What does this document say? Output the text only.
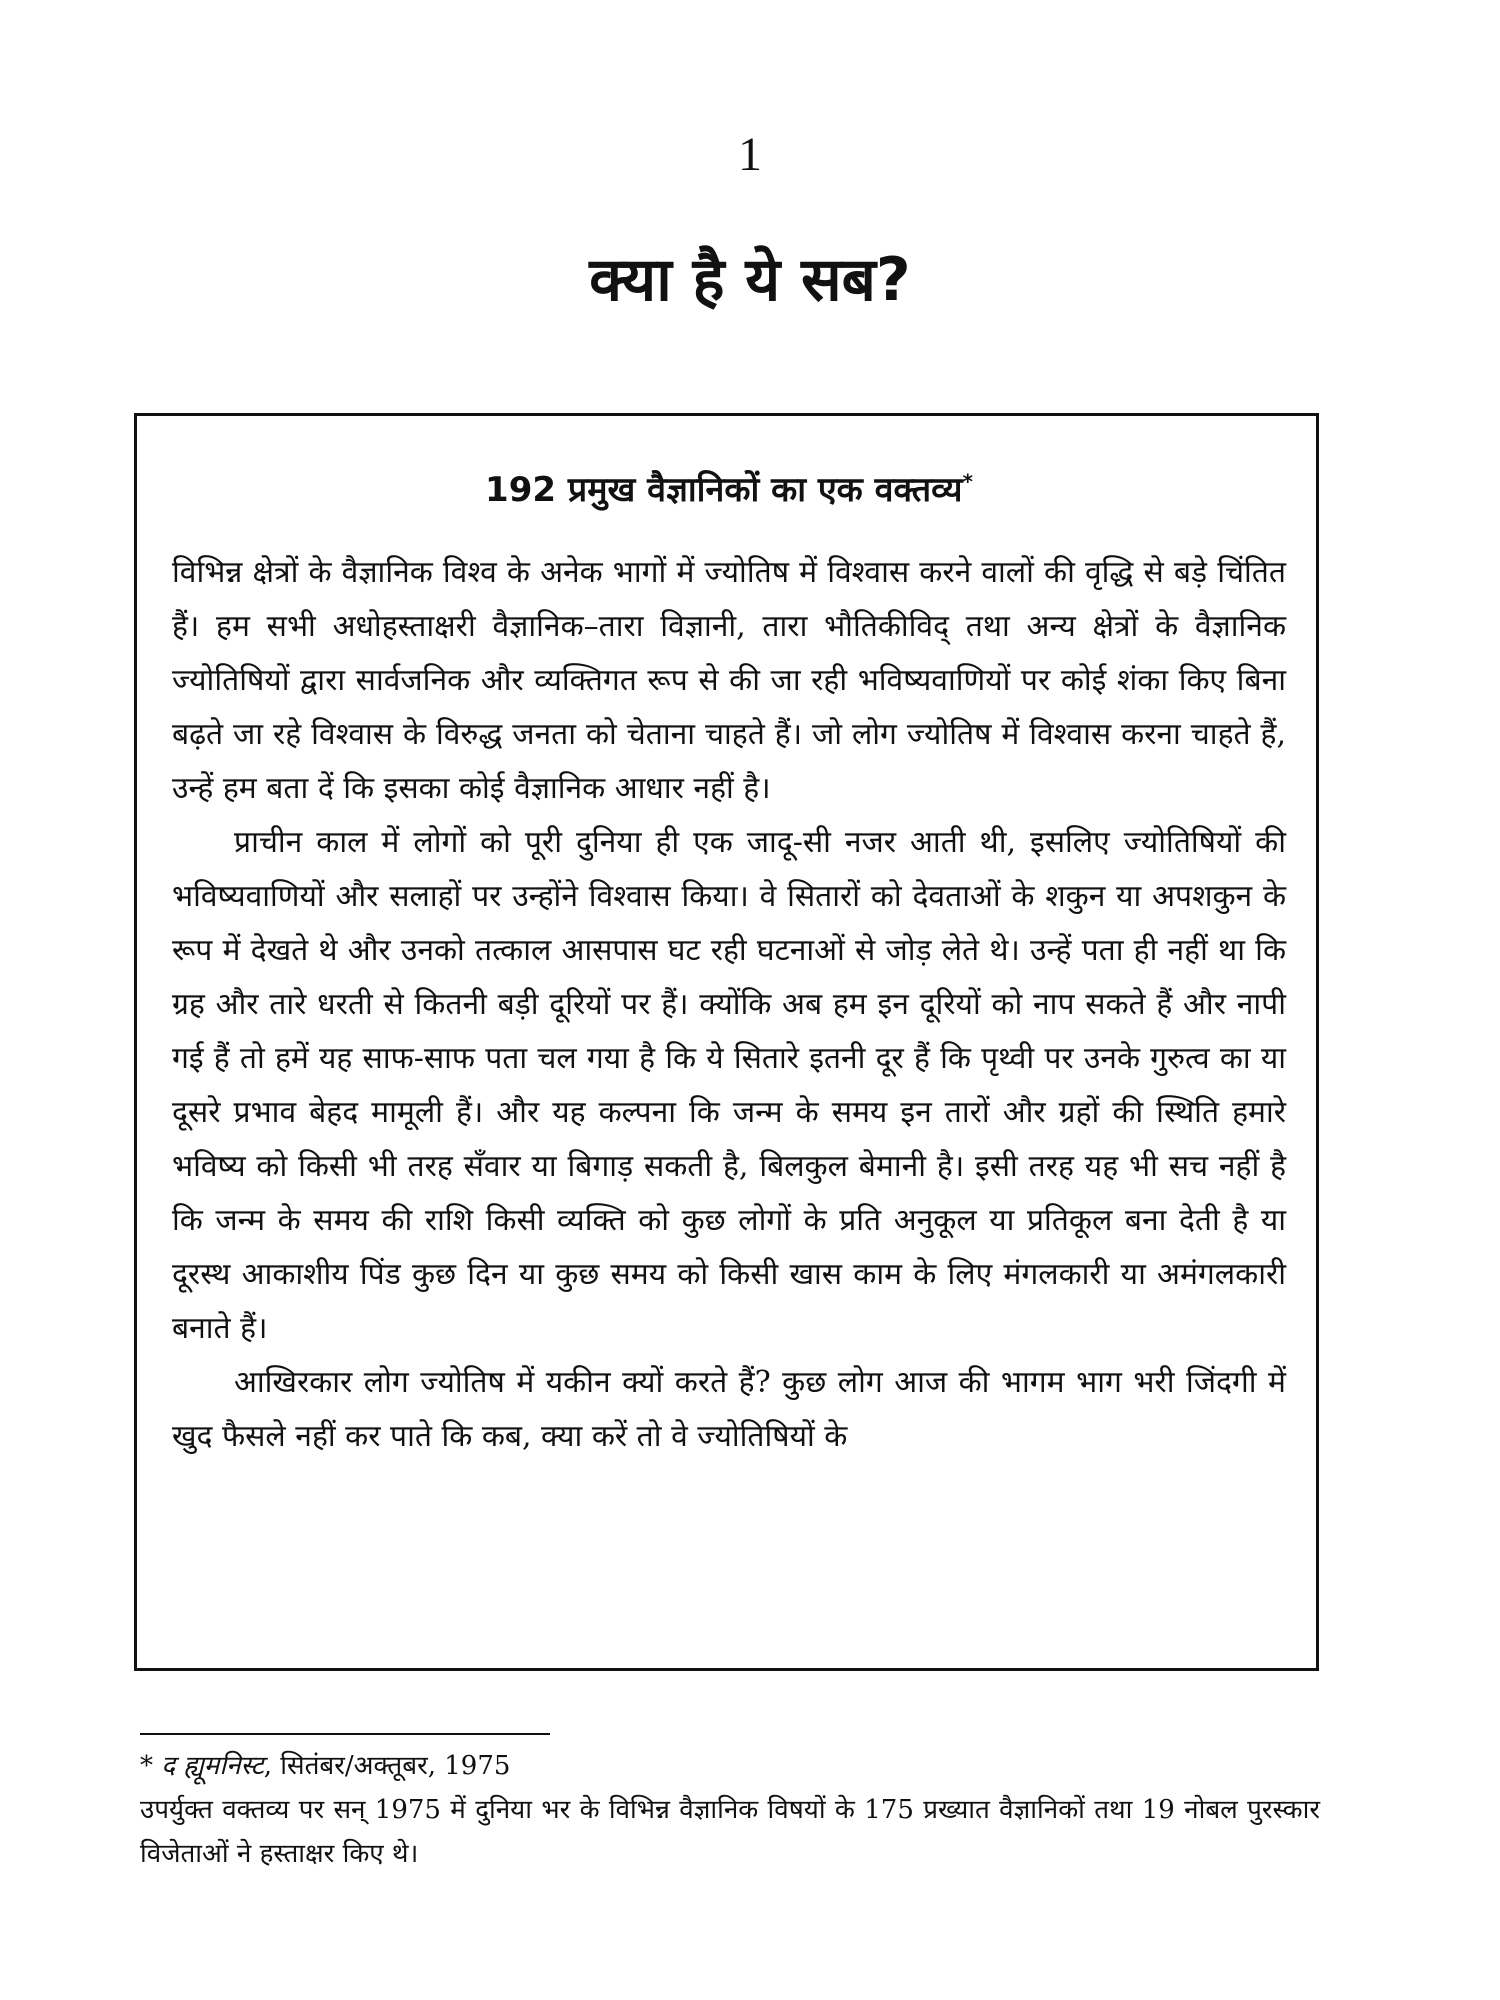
1
क्या है ये सब?
192 प्रमुख वैज्ञानिकों का एक वक्तव्य*

विभिन्न क्षेत्रों के वैज्ञानिक विश्व के अनेक भागों में ज्योतिष में विश्वास करने वालों की वृद्धि से बड़े चिंतित हैं। हम सभी अधोहस्ताक्षरी वैज्ञानिक–तारा विज्ञानी, तारा भौतिकीविद् तथा अन्य क्षेत्रों के वैज्ञानिक ज्योतिषियों द्वारा सार्वजनिक और व्यक्तिगत रूप से की जा रही भविष्यवाणियों पर कोई शंका किए बिना बढ़ते जा रहे विश्वास के विरुद्ध जनता को चेताना चाहते हैं। जो लोग ज्योतिष में विश्वास करना चाहते हैं, उन्हें हम बता दें कि इसका कोई वैज्ञानिक आधार नहीं है।

प्राचीन काल में लोगों को पूरी दुनिया ही एक जादू-सी नजर आती थी, इसलिए ज्योतिषियों की भविष्यवाणियों और सलाहों पर उन्होंने विश्वास किया। वे सितारों को देवताओं के शकुन या अपशकुन के रूप में देखते थे और उनको तत्काल आसपास घट रही घटनाओं से जोड़ लेते थे। उन्हें पता ही नहीं था कि ग्रह और तारे धरती से कितनी बड़ी दूरियों पर हैं। क्योंकि अब हम इन दूरियों को नाप सकते हैं और नापी गई हैं तो हमें यह साफ-साफ पता चल गया है कि ये सितारे इतनी दूर हैं कि पृथ्वी पर उनके गुरुत्व का या दूसरे प्रभाव बेहद मामूली हैं। और यह कल्पना कि जन्म के समय इन तारों और ग्रहों की स्थिति हमारे भविष्य को किसी भी तरह सँवार या बिगाड़ सकती है, बिलकुल बेमानी है। इसी तरह यह भी सच नहीं है कि जन्म के समय की राशि किसी व्यक्ति को कुछ लोगों के प्रति अनुकूल या प्रतिकूल बना देती है या दूरस्थ आकाशीय पिंड कुछ दिन या कुछ समय को किसी खास काम के लिए मंगलकारी या अमंगलकारी बनाते हैं।

आखिरकार लोग ज्योतिष में यकीन क्यों करते हैं? कुछ लोग आज की भागम भाग भरी जिंदगी में खुद फैसले नहीं कर पाते कि कब, क्या करें तो वे ज्योतिषियों के

* द ह्यूमनिस्ट, सितंबर/अक्तूबर, 1975

उपर्युक्त वक्तव्य पर सन् 1975 में दुनिया भर के विभिन्न वैज्ञानिक विषयों के 175 प्रख्यात वैज्ञानिकों तथा 19 नोबल पुरस्कार विजेताओं ने हस्ताक्षर किए थे।
